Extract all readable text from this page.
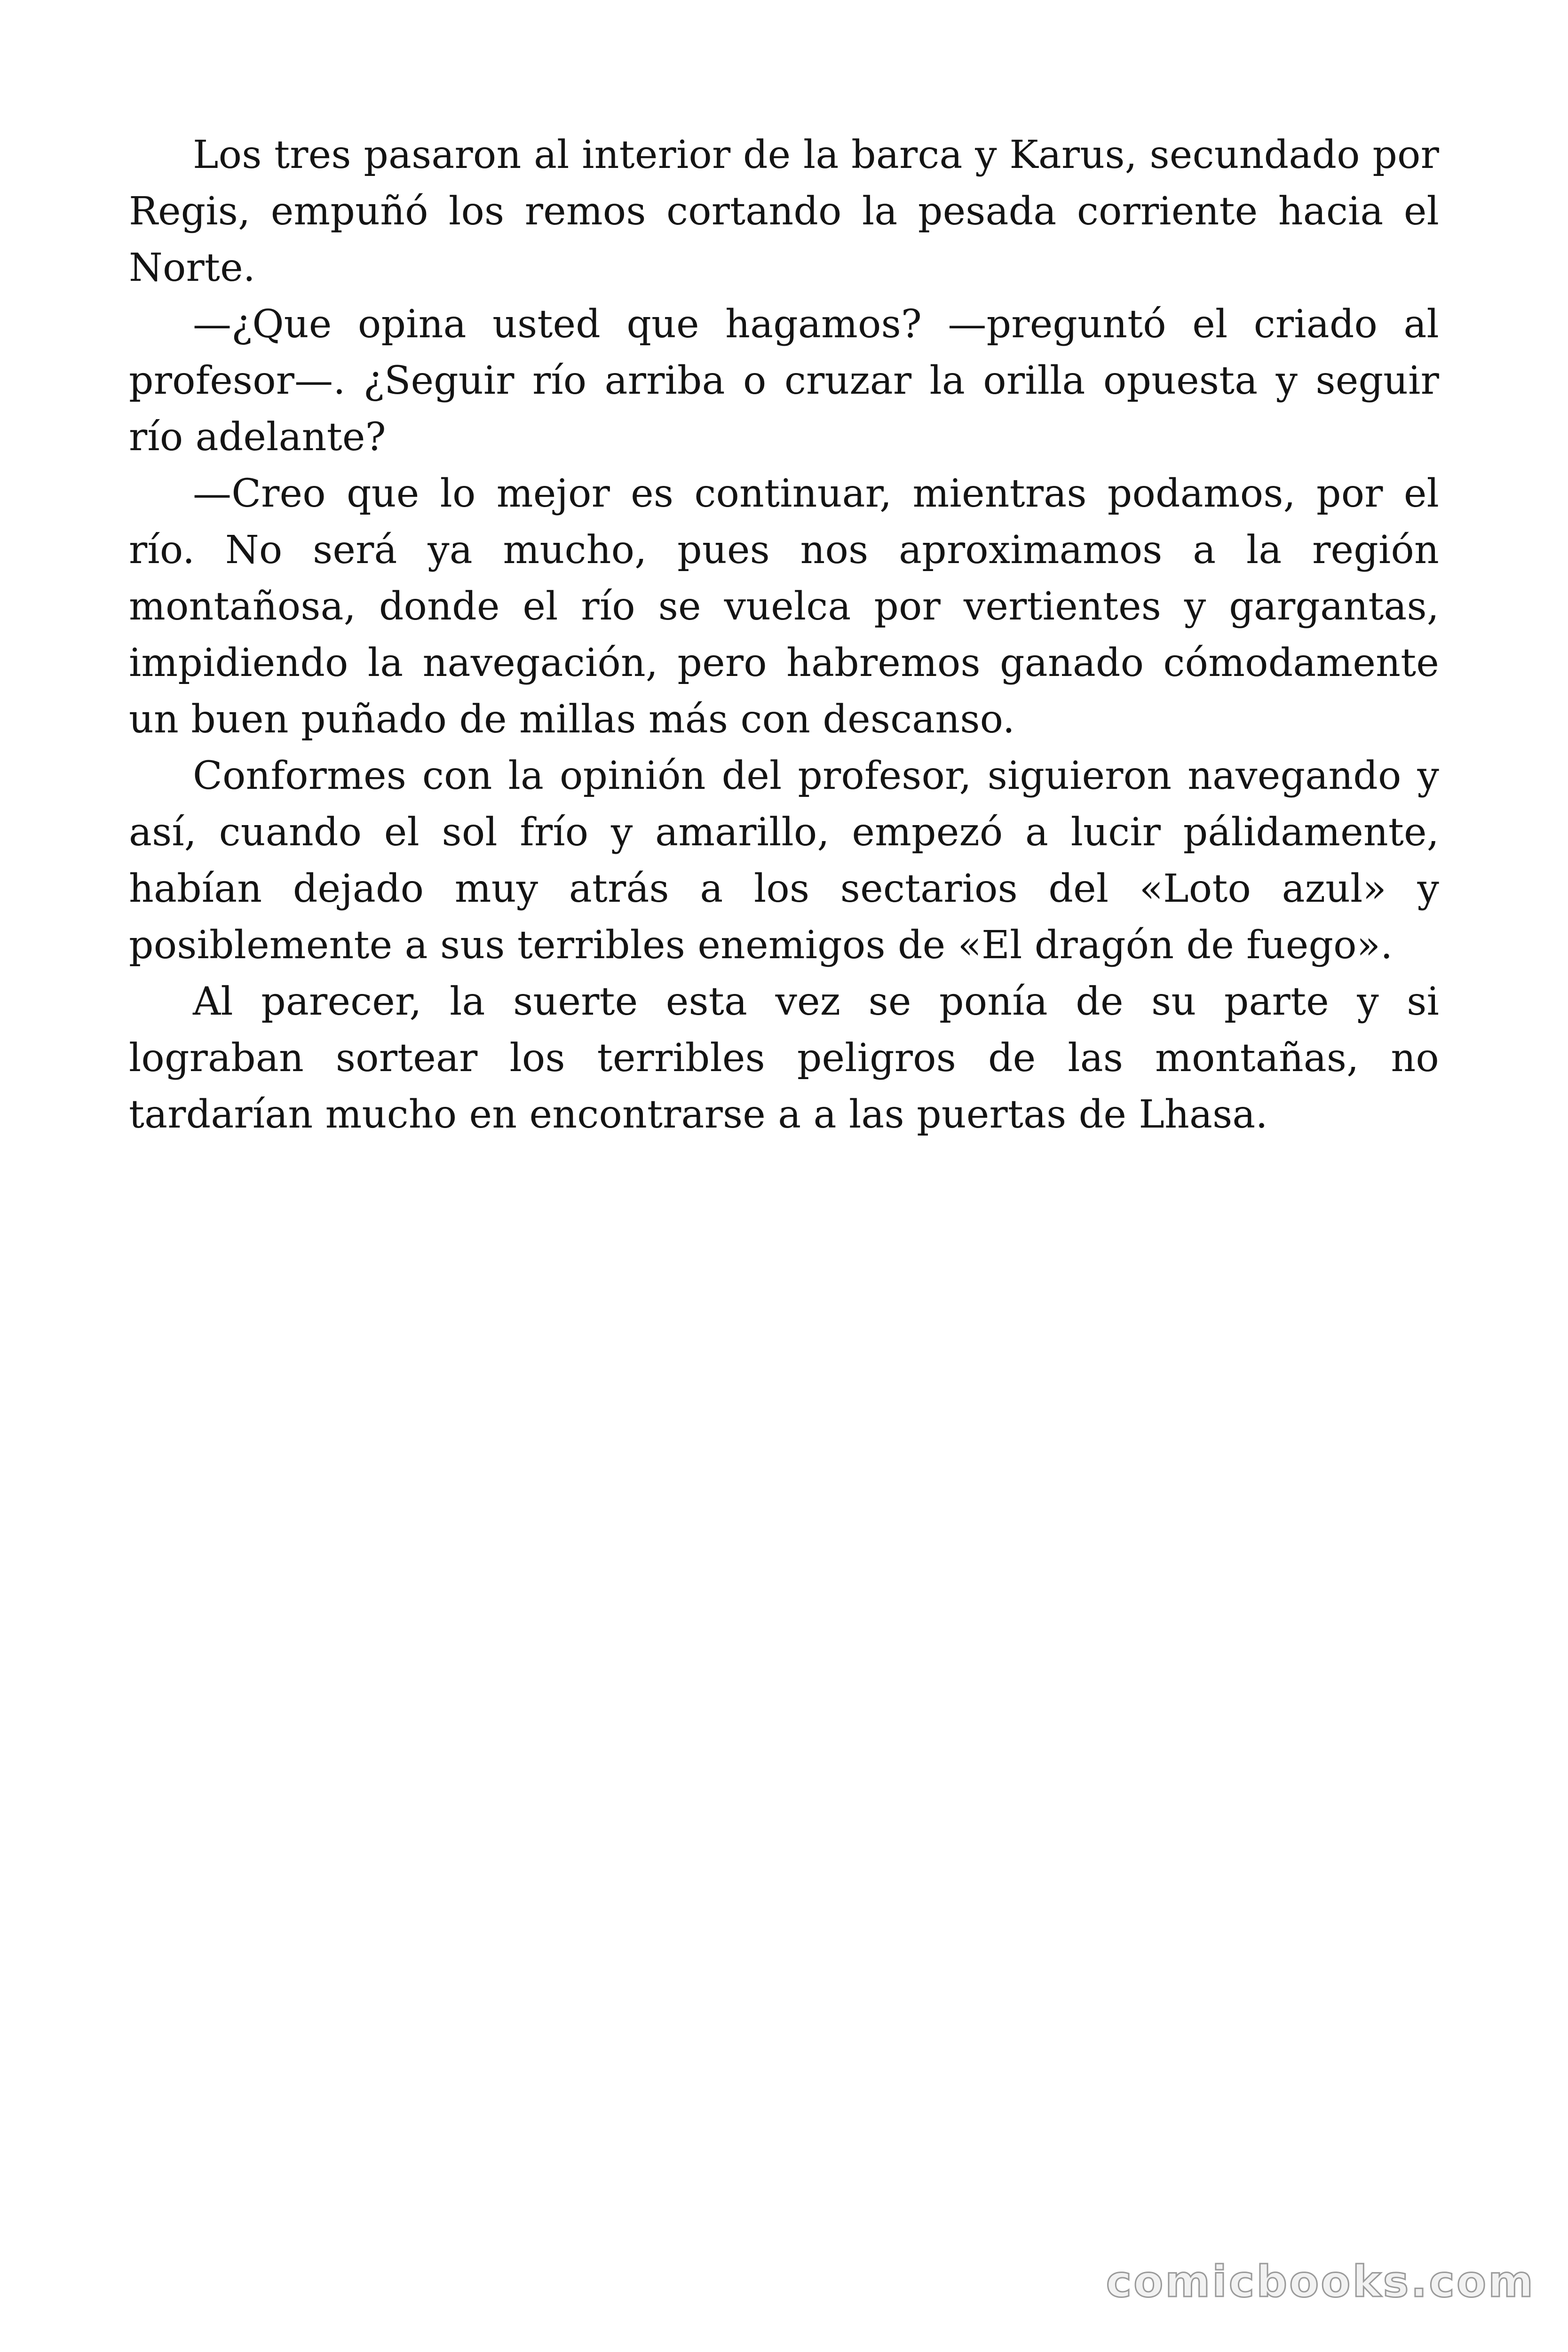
Los tres pasaron al interior de la barca y Karus, secundado por Regis, empuñó los remos cortando la pesada corriente hacia el Norte.

—¿Que opina usted que hagamos? —preguntó el criado al profesor—. ¿Seguir río arriba o cruzar la orilla opuesta y seguir río adelante?

—Creo que lo mejor es continuar, mientras podamos, por el río. No será ya mucho, pues nos aproximamos a la región montañosa, donde el río se vuelca por vertientes y gargantas, impidiendo la navegación, pero habremos ganado cómodamente un buen puñado de millas más con descanso.

Conformes con la opinión del profesor, siguieron navegando y así, cuando el sol frío y amarillo, empezó a lucir pálidamente, habían dejado muy atrás a los sectarios del «Loto azul» y posiblemente a sus terribles enemigos de «El dragón de fuego».

Al parecer, la suerte esta vez se ponía de su parte y si lograban sortear los terribles peligros de las montañas, no tardarían mucho en encontrarse a a las puertas de Lhasa.

comicbooks.com
